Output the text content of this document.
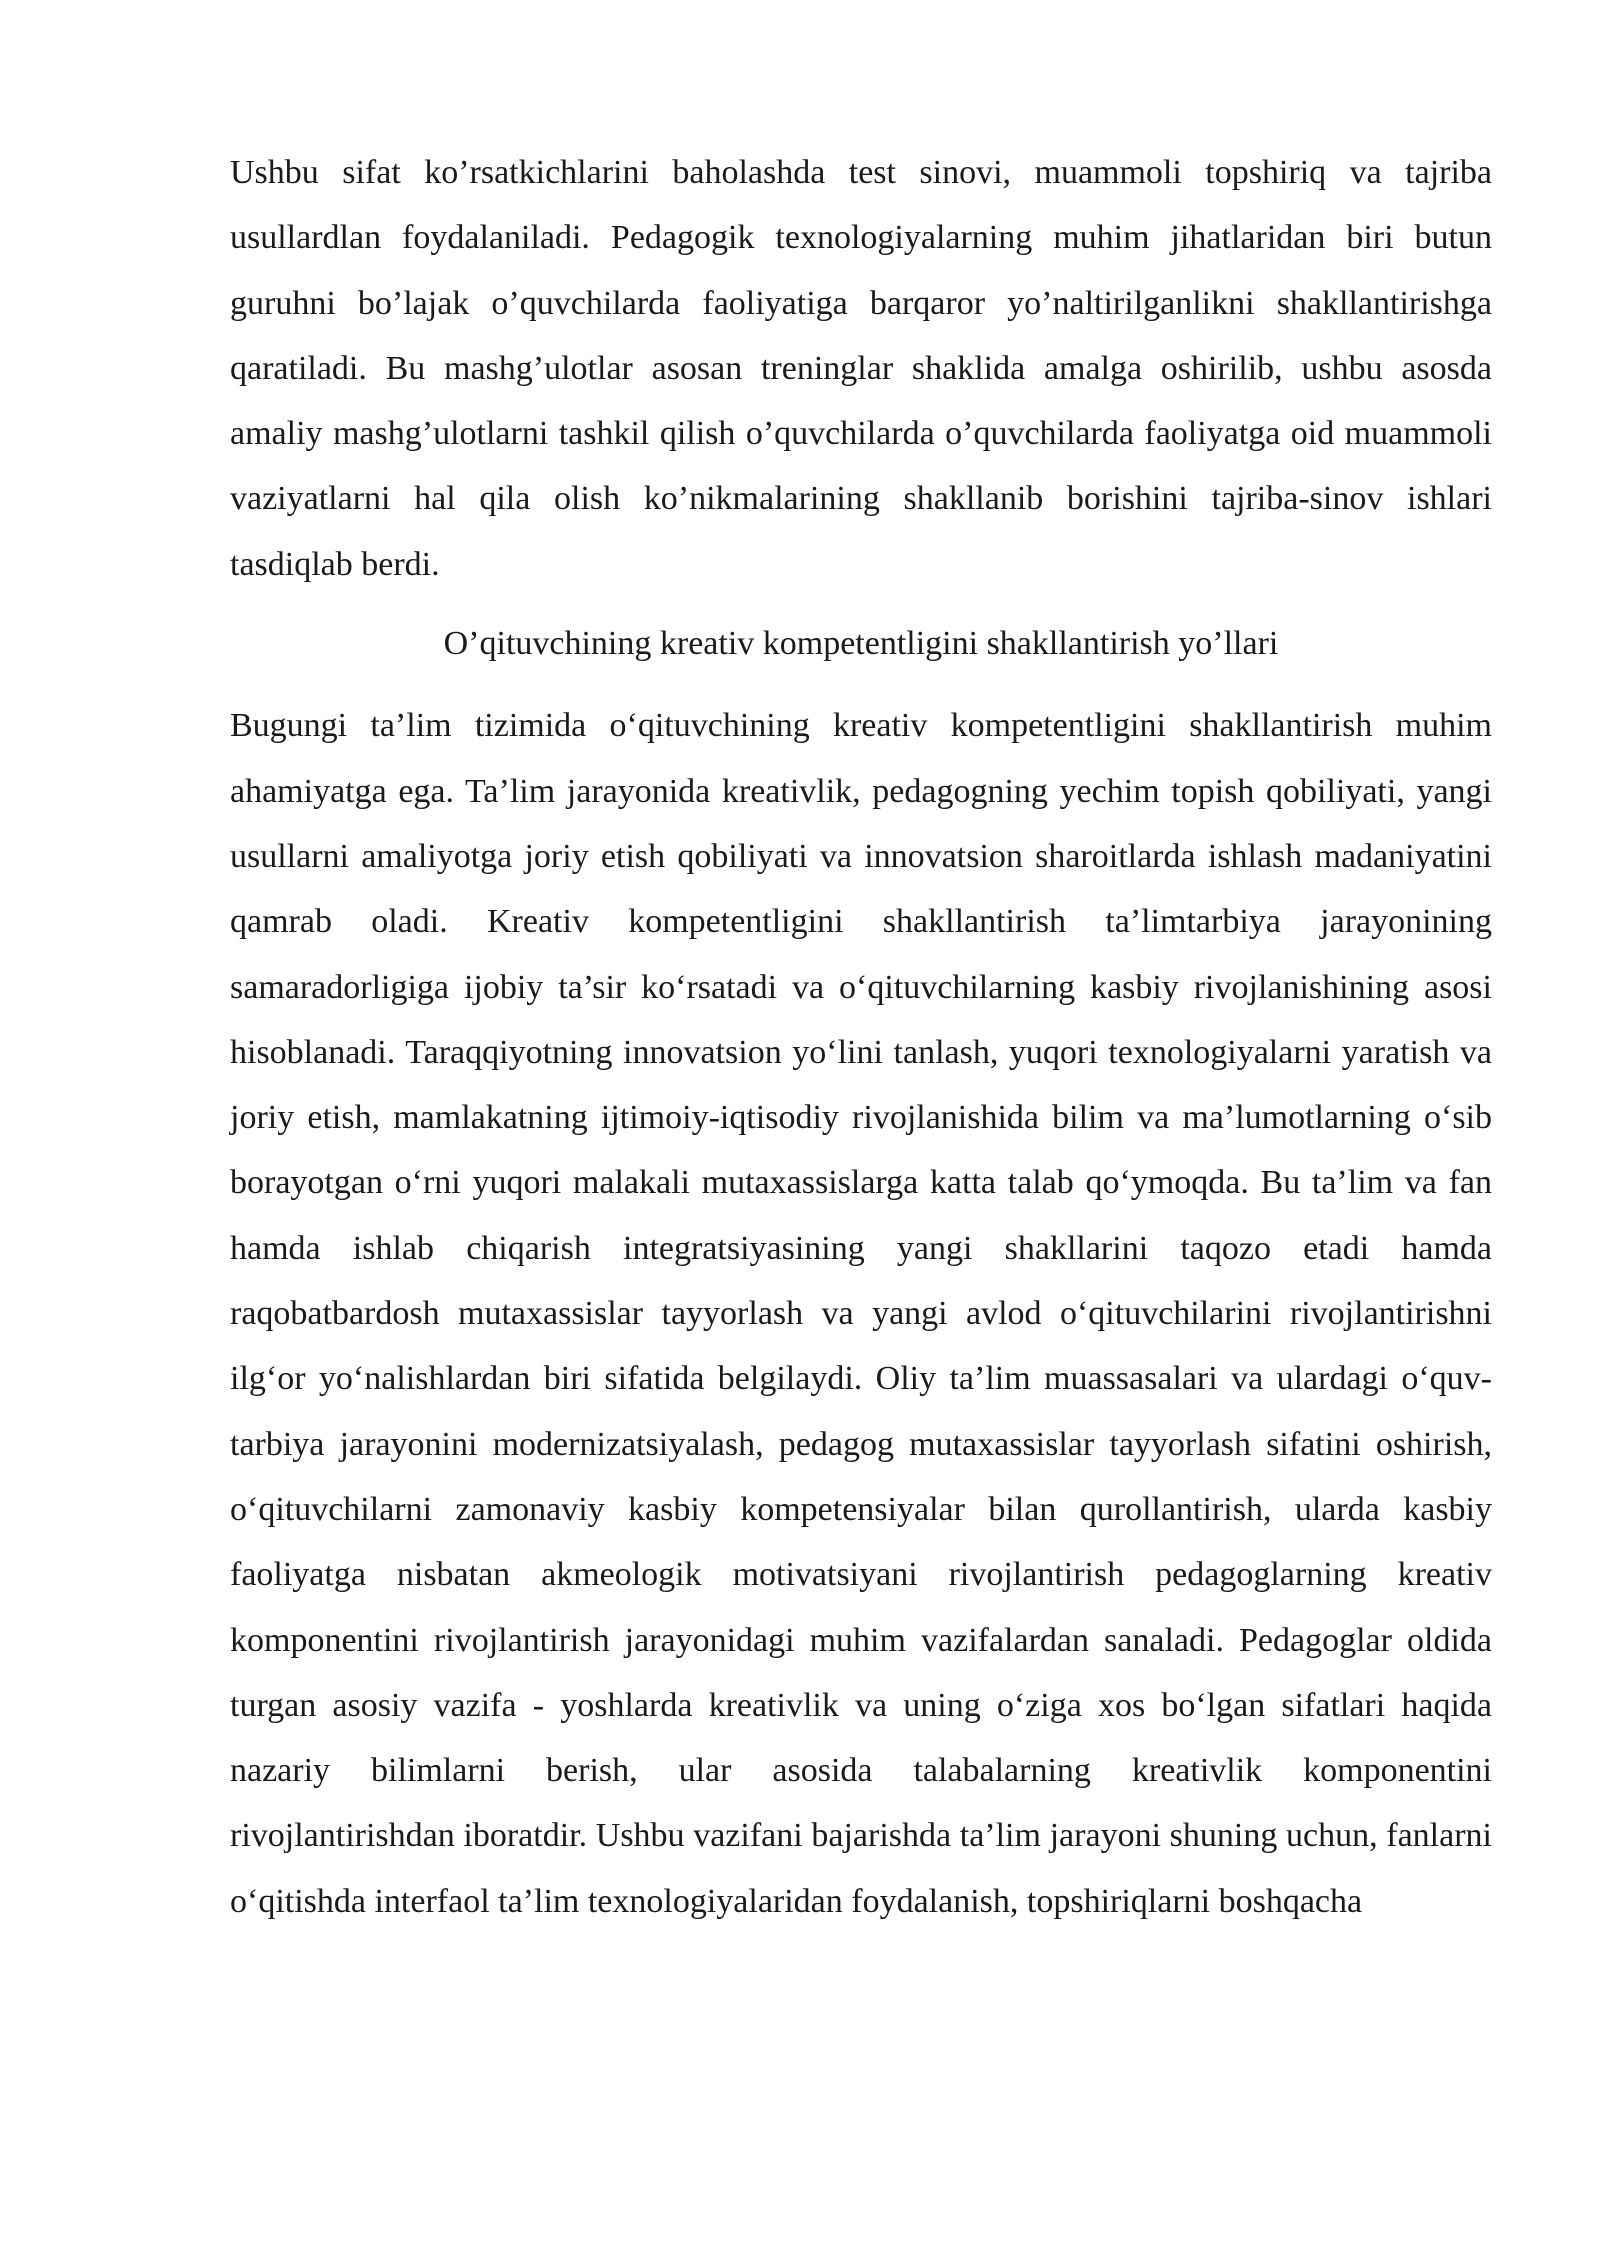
Ushbu sifat ko’rsatkichlarini baholashda test sinovi, muammoli topshiriq va tajriba usullardlan foydalaniladi. Pedagogik texnologiyalarning muhim jihatlaridan biri butun guruhni bo’lajak o’quvchilarda faoliyatiga barqaror yo’naltirilganlikni shakllantirishga qaratiladi. Bu mashg’ulotlar asosan treninglar shaklida amalga oshirilib, ushbu asosda amaliy mashg’ulotlarni tashkil qilish o’quvchilarda o’quvchilarda faoliyatga oid muammoli vaziyatlarni hal qila olish ko’nikmalarining shakllanib borishini tajriba-sinov ishlari tasdiqlab berdi.

O’qituvchining kreativ kompetentligini shakllantirish yo’llari

Bugungi ta’lim tizimida o‘qituvchining kreativ kompetentligini shakllantirish muhim ahamiyatga ega. Ta’lim jarayonida kreativlik, pedagogning yechim topish qobiliyati, yangi usullarni amaliyotga joriy etish qobiliyati va innovatsion sharoitlarda ishlash madaniyatini qamrab oladi. Kreativ kompetentligini shakllantirish ta’limtarbiya jarayonining samaradorligiga ijobiy ta’sir ko‘rsatadi va o‘qituvchilarning kasbiy rivojlanishining asosi hisoblanadi. Taraqqiyotning innovatsion yo‘lini tanlash, yuqori texnologiyalarni yaratish va joriy etish, mamlakatning ijtimoiy-iqtisodiy rivojlanishida bilim va ma’lumotlarning o‘sib borayotgan o‘rni yuqori malakali mutaxassislarga katta talab qo‘ymoqda. Bu ta’lim va fan hamda ishlab chiqarish integratsiyasining yangi shakllarini taqozo etadi hamda raqobatbardosh mutaxassislar tayyorlash va yangi avlod o‘qituvchilarini rivojlantirishni ilg‘or yo‘nalishlardan biri sifatida belgilaydi. Oliy ta’lim muassasalari va ulardagi o‘quv-tarbiya jarayonini modernizatsiyalash, pedagog mutaxassislar tayyorlash sifatini oshirish, o‘qituvchilarni zamonaviy kasbiy kompetensiyalar bilan qurollantirish, ularda kasbiy faoliyatga nisbatan akmeologik motivatsiyani rivojlantirish pedagoglarning kreativ komponentini rivojlantirish jarayonidagi muhim vazifalardan sanaladi. Pedagoglar oldida turgan asosiy vazifa - yoshlarda kreativlik va uning o‘ziga xos bo‘lgan sifatlari haqida nazariy bilimlarni berish, ular asosida talabalarning kreativlik komponentini rivojlantirishdan iboratdir. Ushbu vazifani bajarishda ta’lim jarayoni shuning uchun, fanlarni o‘qitishda interfaol ta’lim texnologiyalaridan foydalanish, topshiriqlarni boshqacha
